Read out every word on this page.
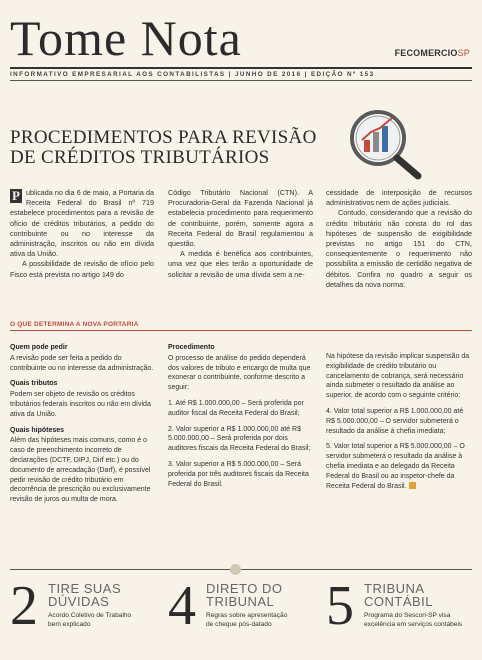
Tome Nota	FECOMERCIOSP
INFORMATIVO EMPRESARIAL AOS CONTABILISTAS | JUNHO DE 2016 | EDIÇÃO Nº 153
PROCEDIMENTOS PARA REVISÃO
DE CRÉDITOS TRIBUTÁRIOS

P ublicada no dia 6 de maio, a Portaria da Receita Federal do Brasil nº 719 estabelece procedimentos para a revisão de ofício de créditos tributários, a pedido do contribuinte ou no interesse da administração, inscritos ou não em dívida ativa da União.

A possibilidade de revisão de ofício pelo Fisco está prevista no artigo 149 do

Código Tributário Nacional (CTN). A Procuradoria-Geral da Fazenda Nacional já estabelecia procedimento para requerimento de contribuinte, porém, somente agora a Receita Federal do Brasil regulamentou a questão.

A medida é benéfica aos contribuintes, uma vez que eles terão a oportunidade de solicitar a revisão de uma dívida sem a ne-

cessidade de interposição de recursos administrativos nem de ações judiciais.

Contudo, considerando que a revisão do crédito tributário não consta do rol das hipóteses de suspensão de exigibilidade previstas no artigo 151 do CTN, consequentemente o requerimento não possibilita a emissão de certidão negativa de débitos. Confira no quadro a seguir os detalhes da nova norma:

O QUE DETERMINA A NOVA PORTARIA
Quem pode pedir

A revisão pode ser feita a pedido do contribuinte ou no interesse da administração.

Quais tributos

Podem ser objeto de revisão os créditos tributários federais inscritos ou não em dívida ativa da União.

Quais hipóteses

Além das hipóteses mais comuns, como é o caso de preenchimento incorreto de declarações (DCTF, DIPJ, Dirf etc.) ou do documento de arrecadação (Darf), é possível pedir revisão de crédito tributário em decorrência de prescrição ou exclusivamente revisão de juros ou multa de mora.

Procedimento

O processo de análise do pedido dependerá dos valores de tributo e encargo de multa que exonerar o contribuinte, conforme descrito a seguir:

1. Até R$ 1.000.000,00 – Será proferida por auditor fiscal da Receita Federal do Brasil;
2. Valor superior a R$ 1.000.000,00 até R$ 5.000.000,00 – Será proferida por dois auditores fiscais da Receita Federal do Brasil;
3. Valor superior a R$ 5.000.000,00 – Será proferida por três auditores fiscais da Receita Federal do Brasil.

Na hipótese da revisão implicar suspensão da exigibilidade de crédito tributário ou cancelamento de cobrança, será necessário ainda submeter o resultado da análise ao superior, de acordo com o seguinte critério:

4. Valor total superior a R$ 1.000.000,00 até R$ 5.000.000,00 – O servidor submeterá o resultado da análise à chefia imediata;
5. Valor total superior a R$ 5.000.000,00 – O servidor submeterá o resultado da análise à chefia imediata e ao delegado da Receita Federal do Brasil ou ao inspetor-chefe da Receita Federal do Brasil.
2 TIRE SUAS
DÚVIDAS
Acordo Coletivo de Trabalho
bem explicado	4 DIRETO DO
TRIBUNAL
Regras sobre apresentação
de cheque pós-datado 5 TRIBUNA
CONTÁBIL
Programa do Sescon-SP visa
excelência em serviços contábeis
